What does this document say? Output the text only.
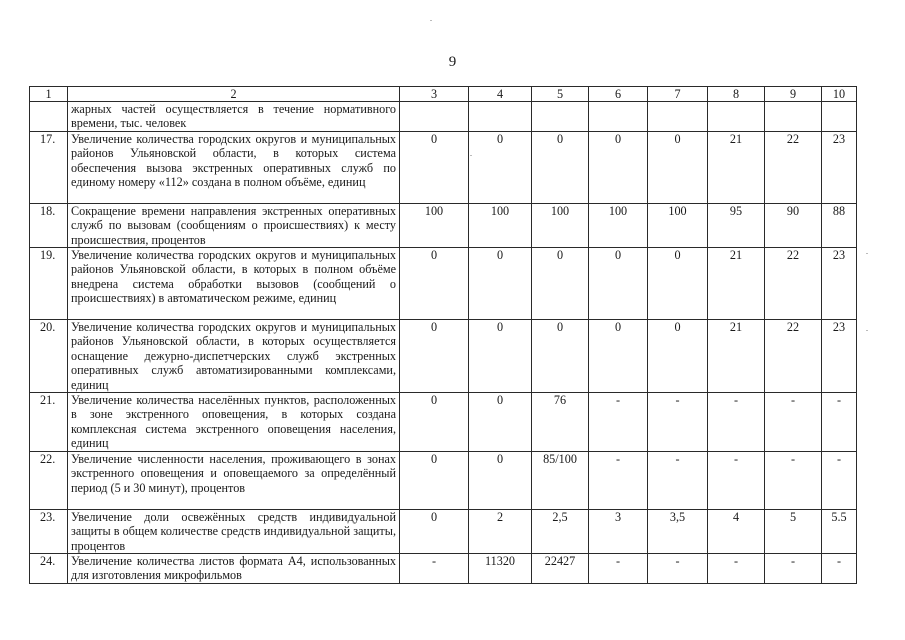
9
1	2	3	4	5	6	7	8	9	10
	жарных частей осуществляется в течение нормативного времени, тыс. человек								
17.	Увеличение количества городских округов и муниципальных районов Ульяновской области, в которых система обеспечения вызова экстренных оперативных служб по единому номеру «112» создана в полном объёме, единиц	0	0	0	0	0	21	22	23
18.	Сокращение времени направления экстренных оперативных служб по вызовам (сообщениям о происшествиях) к месту происшествия, процентов	100	100	100	100	100	95	90	88
19.	Увеличение количества городских округов и муниципальных районов Ульяновской области, в которых в полном объёме внедрена система обработки вызовов (сообщений о происшествиях) в автоматическом режиме, единиц	0	0	0	0	0	21	22	23
20.	Увеличение количества городских округов и муниципальных районов Ульяновской области, в которых осуществляется оснащение дежурно-диспетчерских служб экстренных оперативных служб автоматизированными комплексами, единиц	0	0	0	0	0	21	22	23
21.	Увеличение количества населённых пунктов, расположенных в зоне экстренного оповещения, в которых создана комплексная система экстренного оповещения населения, единиц	0	0	76	-	-	-	-	-
22.	Увеличение численности населения, проживающего в зонах экстренного оповещения и оповещаемого за определённый период (5 и 30 минут), процентов	0	0	85/100	-	-	-	-	-
23.	Увеличение доли освежённых средств индивидуальной защиты в общем количестве средств индивидуальной защиты, процентов	0	2	2,5	3	3,5	4	5	5.5
24.	Увеличение количества листов формата А4, использованных для изготовления микрофильмов	-	11320	22427	-	-	-	-	-
